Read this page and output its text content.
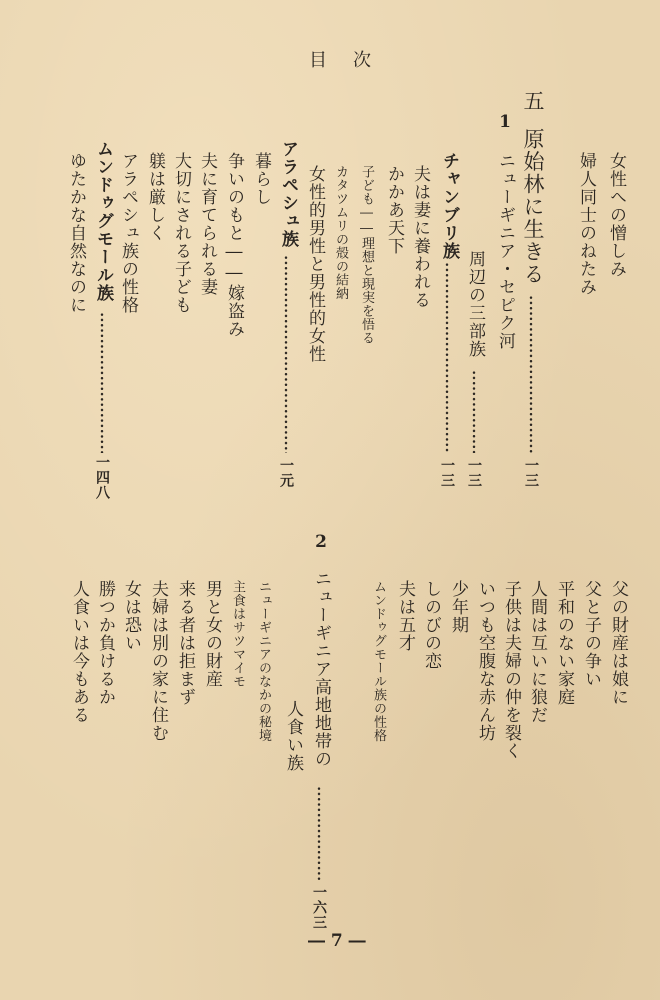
目　次
五
原始林に生きる
一三
1
ニューギニア・セピク河
周辺の三部族
一三
女性への憎しみ
婦人同士のねたみ
チャンブリ族
一三
夫は妻に養われる
かかあ天下
子ども――理想と現実を悟る
カタツムリの殻の結納
女性的男性と男性的女性
アラペシュ族
一元
暮らし
争いのもと――嫁盗み
夫に育てられる妻
大切にされる子ども
躾は厳しく
アラペシュ族の性格
ムンドゥグモール族
一四八
ゆたかな自然なのに
父の財産は娘に
父と子の争い
平和のない家庭
人間は互いに狼だ
子供は夫婦の仲を裂く
いつも空腹な赤ん坊
少年期
しのびの恋
夫は五才
ムンドゥグモール族の性格
2
ニューギニア高地地帯の
人食い族
一六三
ニューギニアのなかの秘境
主食はサツマイモ
男と女の財産
来る者は拒まず
夫婦は別の家に住む
女は恐い
勝つか負けるか
人食いは今もある
― 7 ―
